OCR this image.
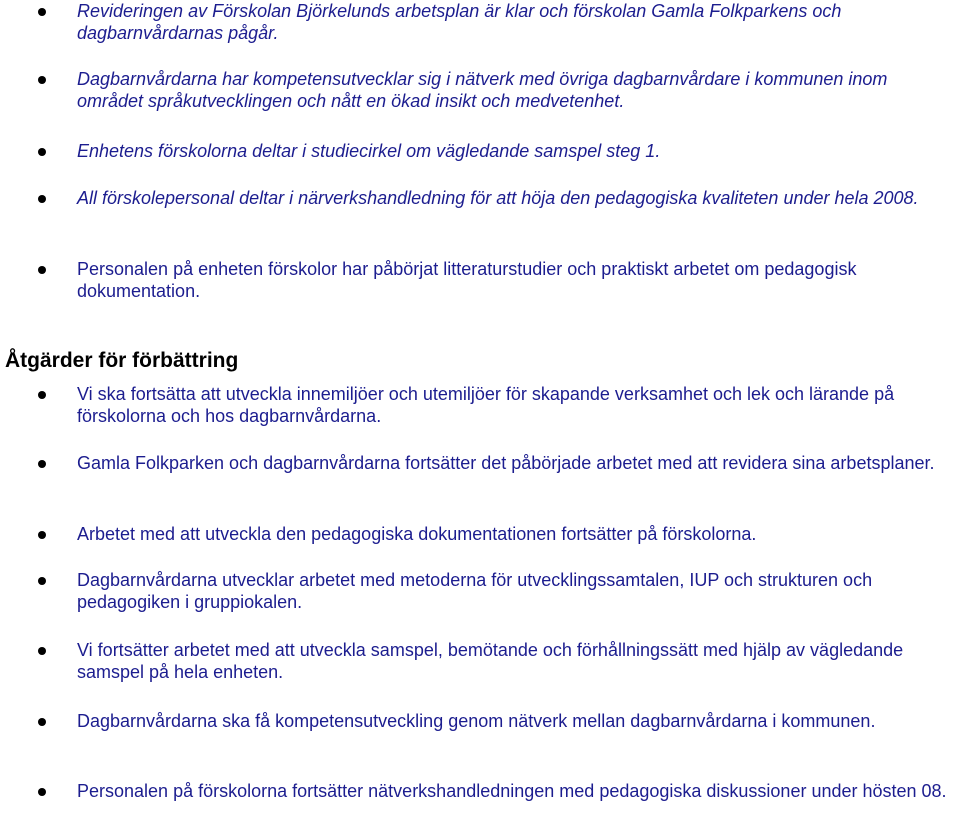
Revideringen av Förskolan Björkelunds arbetsplan är klar och förskolan Gamla Folkparkens och dagbarnvårdarnas pågår.

Dagbarnvårdarna har kompetensutvecklar sig i nätverk med övriga dagbarnvårdare i kommunen inom området språkutvecklingen och nått en ökad insikt och medvetenhet.

Enhetens förskolorna deltar i studiecirkel om vägledande samspel steg 1.

All förskolepersonal deltar i närverkshandledning för att höja den pedagogiska kvaliteten under hela 2008.

Personalen på enheten förskolor har påbörjat litteraturstudier och praktiskt arbetet om pedagogisk dokumentation.

Åtgärder för förbättring

Vi ska fortsätta att utveckla innemiljöer och utemiljöer för skapande verksamhet och lek och lärande på förskolorna och hos dagbarnvårdarna.

Gamla Folkparken och dagbarnvårdarna fortsätter det påbörjade arbetet med att revidera sina arbetsplaner.

Arbetet med att utveckla den pedagogiska dokumentationen fortsätter på förskolorna.

Dagbarnvårdarna utvecklar arbetet med metoderna för utvecklingssamtalen, IUP och strukturen och pedagogiken i gruppiokalen.

Vi fortsätter arbetet med att utveckla samspel, bemötande och förhållningssätt med hjälp av vägledande samspel på hela enheten.

Dagbarnvårdarna ska få kompetensutveckling genom nätverk mellan dagbarnvårdarna i kommunen.

Personalen på förskolorna fortsätter nätverkshandledningen med pedagogiska diskussioner under hösten 08.
